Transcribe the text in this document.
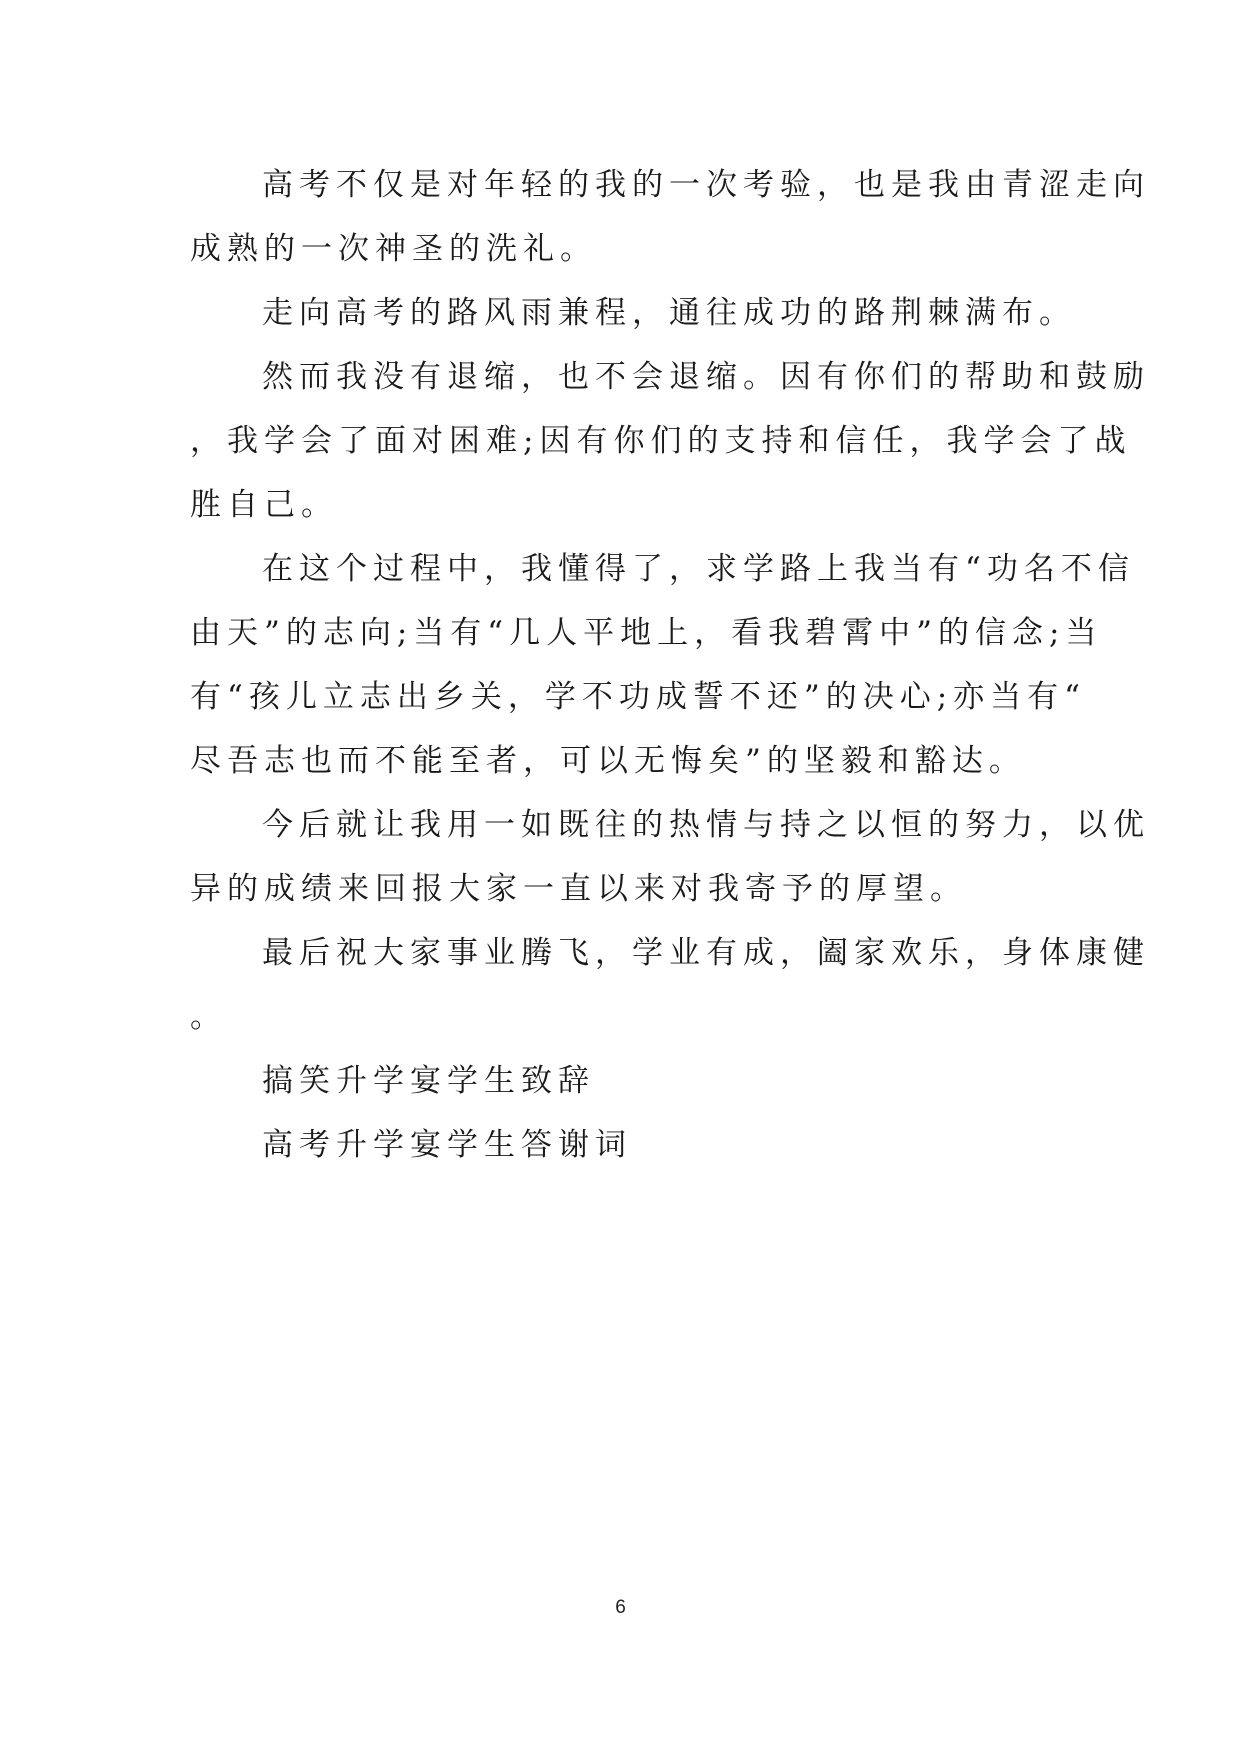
高考不仅是对年轻的我的一次考验，也是我由青涩走向
成熟的一次神圣的洗礼。
走向高考的路风雨兼程，通往成功的路荆棘满布。
然而我没有退缩，也不会退缩。因有你们的帮助和鼓励
，我学会了面对困难;因有你们的支持和信任，我学会了战
胜自己。
在这个过程中，我懂得了，求学路上我当有“功名不信
由天”的志向;当有“几人平地上，看我碧霄中”的信念;当
有“孩儿立志出乡关，学不功成誓不还”的决心;亦当有“
尽吾志也而不能至者，可以无悔矣”的坚毅和豁达。
今后就让我用一如既往的热情与持之以恒的努力，以优
异的成绩来回报大家一直以来对我寄予的厚望。
最后祝大家事业腾飞，学业有成，阖家欢乐，身体康健
。
搞笑升学宴学生致辞
高考升学宴学生答谢词
6
